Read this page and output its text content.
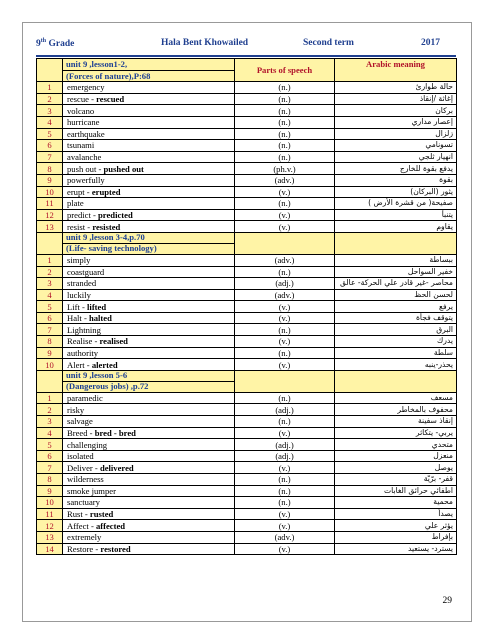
9th Grade	Hala Bent Khowailed	Second term	2017
	unit 9 ,lesson1-2,	Parts of speech	Arabic meaning
	(Forces of nature),P:68		
1	emergency	(n.)	حالة طوارئ
2	rescue - rescued	(n.)	إغاثة /إنقاذ
3	volcano	(n.)	بركان
4	hurricane	(n.)	إعصار مداري
5	earthquake	(n.)	زلزال
6	tsunami	(n.)	تسونامي
7	avalanche	(n.)	انهيار ثلجي
8	push out - pushed out	(ph.v.)	يدفع بقوة للخارج
9	powerfully	(adv.)	بقوة
10	erupt - erupted	(v.)	يثور (البركان)
11	plate	(n.)	صفيحة( من قشرة الأرض )
12	predict - predicted	(v.)	يتنبأ
13	resist - resisted	(v.)	يقاوم
	unit 9 ,lesson 3-4,p.70		
	(Life- saving technology)		
1	simply	(adv.)	ببساطة
2	coastguard	(n.)	خفير السواحل
3	stranded	(adj.)	محاصر -غير قادر علي الحركة- عالق
4	luckily	(adv.)	لحسن الحظ
5	Lift - lifted	(v.)	يرفع
6	Halt - halted	(v.)	يتوقف فجأة
7	Lightning	(n.)	البرق
8	Realise - realised	(v.)	يدرك
9	authority	(n.)	سلطة
10	Alert - alerted	(v.)	يحذر-ينبه
	unit 9 ,lesson 5-6		
	(Dangerous jobs) ,p.72		
1	paramedic	(n.)	مسعف
2	risky	(adj.)	محفوف بالمخاطر
3	salvage	(n.)	إنقاذ سفينة
4	Breed - bred - bred	(v.)	يربي- يتكاثر
5	challenging	(adj.)	متحدي
6	isolated	(adj.)	منعزل
7	Deliver - delivered	(v.)	يوصل
8	wilderness	(n.)	قفر- برّيّة
9	smoke jumper	(n.)	اطفائي حرائق الغابات
10	sanctuary	(n.)	محمية
11	Rust - rusted	(v.)	يصدأ
12	Affect - affected	(v.)	يؤثر علي
13	extremely	(adv.)	بإفراط
14	Restore - restored	(v.)	يسترد- يستعيد
29
